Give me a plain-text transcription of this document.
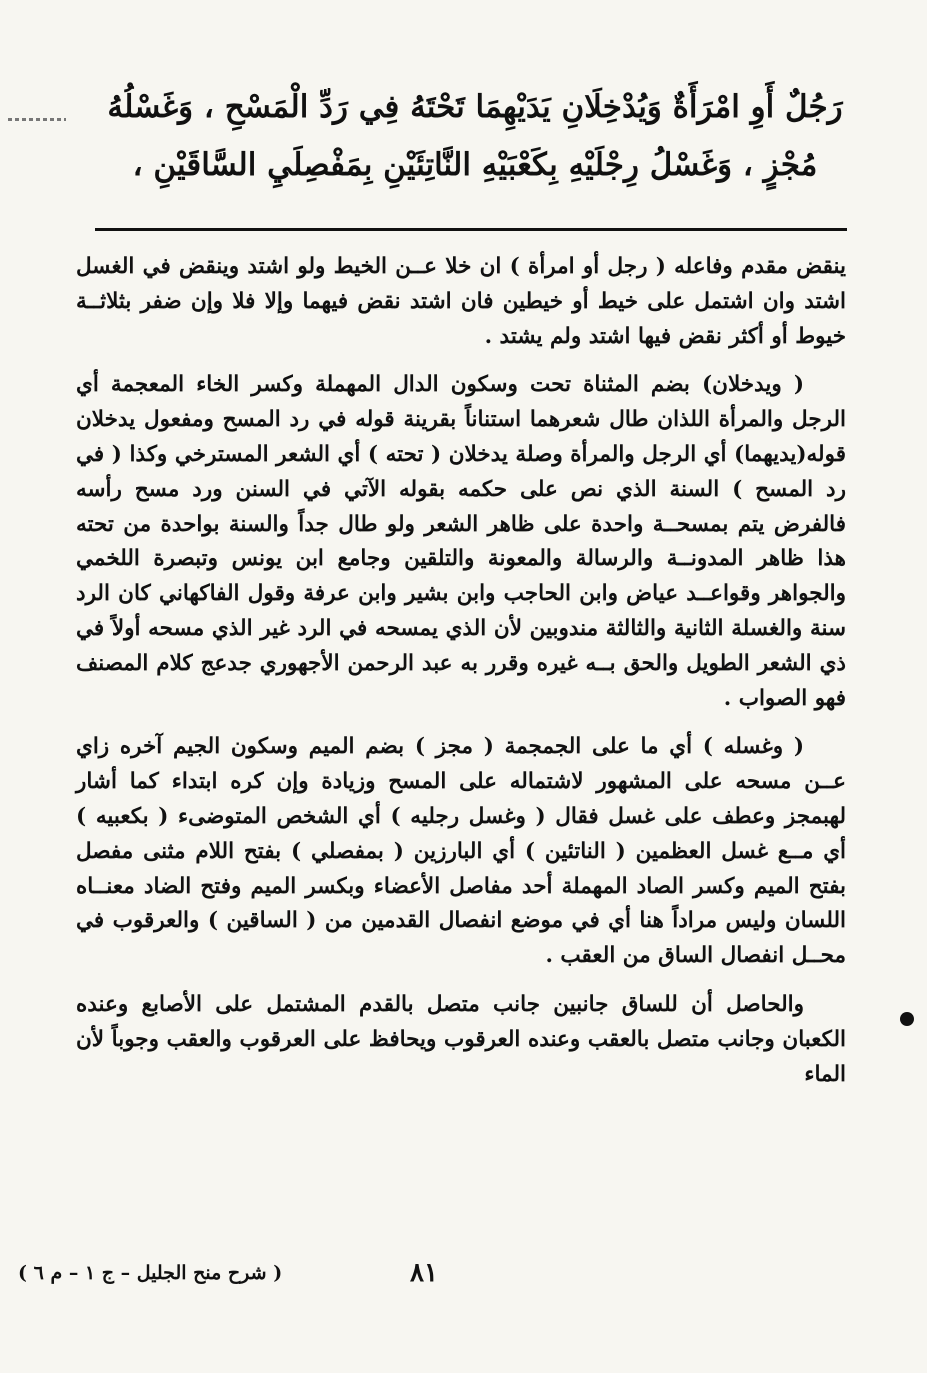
رَجُلٌ أَوِ امْرَأَةٌ وَيُدْخِلَانِ يَدَيْهِمَا تَحْتَهُ فِي رَدِّ الْمَسْحِ ، وَغَسْلُهُ
مُجْزٍ ، وَغَسْلُ رِجْلَيْهِ بِكَعْبَيْهِ النَّاتِئَيْنِ بِمَفْصِلَيِ السَّاقَيْنِ ،

ينقض مقدم وفاعله ( رجل أو امرأة ) ان خلا عــن الخيط ولو اشتد وينقض في الغسل اشتد وان اشتمل على خيط أو خيطين فان اشتد نقض فيهما وإلا فلا وإن ضفر بثلاثــة خيوط أو أكثر نقض فيها اشتد ولم يشتد .

( ويدخلان) بضم المثناة تحت وسكون الدال المهملة وكسر الخاء المعجمة أي الرجل والمرأة اللذان طال شعرهما استناناً بقرينة قوله في رد المسح ومفعول يدخلان قوله(يديهما) أي الرجل والمرأة وصلة يدخلان ( تحته ) أي الشعر المسترخي وكذا ( في رد المسح ) السنة الذي نص على حكمه بقوله الآتي في السنن ورد مسح رأسه فالفرض يتم بمسحــة واحدة على ظاهر الشعر ولو طال جداً والسنة بواحدة من تحته هذا ظاهر المدونــة والرسالة والمعونة والتلقين وجامع ابن يونس وتبصرة اللخمي والجواهر وقواعــد عياض وابن الحاجب وابن بشير وابن عرفة وقول الفاكهاني كان الرد سنة والغسلة الثانية والثالثة مندوبين لأن الذي يمسحه في الرد غير الذي مسحه أولاً في ذي الشعر الطويل والحق بــه غيره وقرر به عبد الرحمن الأجهوري جدعج كلام المصنف فهو الصواب .

( وغسله ) أي ما على الجمجمة ( مجز ) بضم الميم وسكون الجيم آخره زاي عــن مسحه على المشهور لاشتماله على المسح وزيادة وإن كره ابتداء كما أشار لهبمجز وعطف على غسل فقال ( وغسل رجليه ) أي الشخص المتوضىء ( بكعبيه ) أي مــع غسل العظمين ( الناتئين ) أي البارزين ( بمفصلي ) بفتح اللام مثنى مفصل بفتح الميم وكسر الصاد المهملة أحد مفاصل الأعضاء وبكسر الميم وفتح الضاد معنــاه اللسان وليس مراداً هنا أي في موضع انفصال القدمين من ( الساقين ) والعرقوب في محــل انفصال الساق من العقب .

والحاصل أن للساق جانبين جانب متصل بالقدم المشتمل على الأصابع وعنده الكعبان وجانب متصل بالعقب وعنده العرقوب ويحافظ على العرقوب والعقب وجوباً لأن الماء

( شرح منح الجليل – ج ١ – م ٦ )	٨١
